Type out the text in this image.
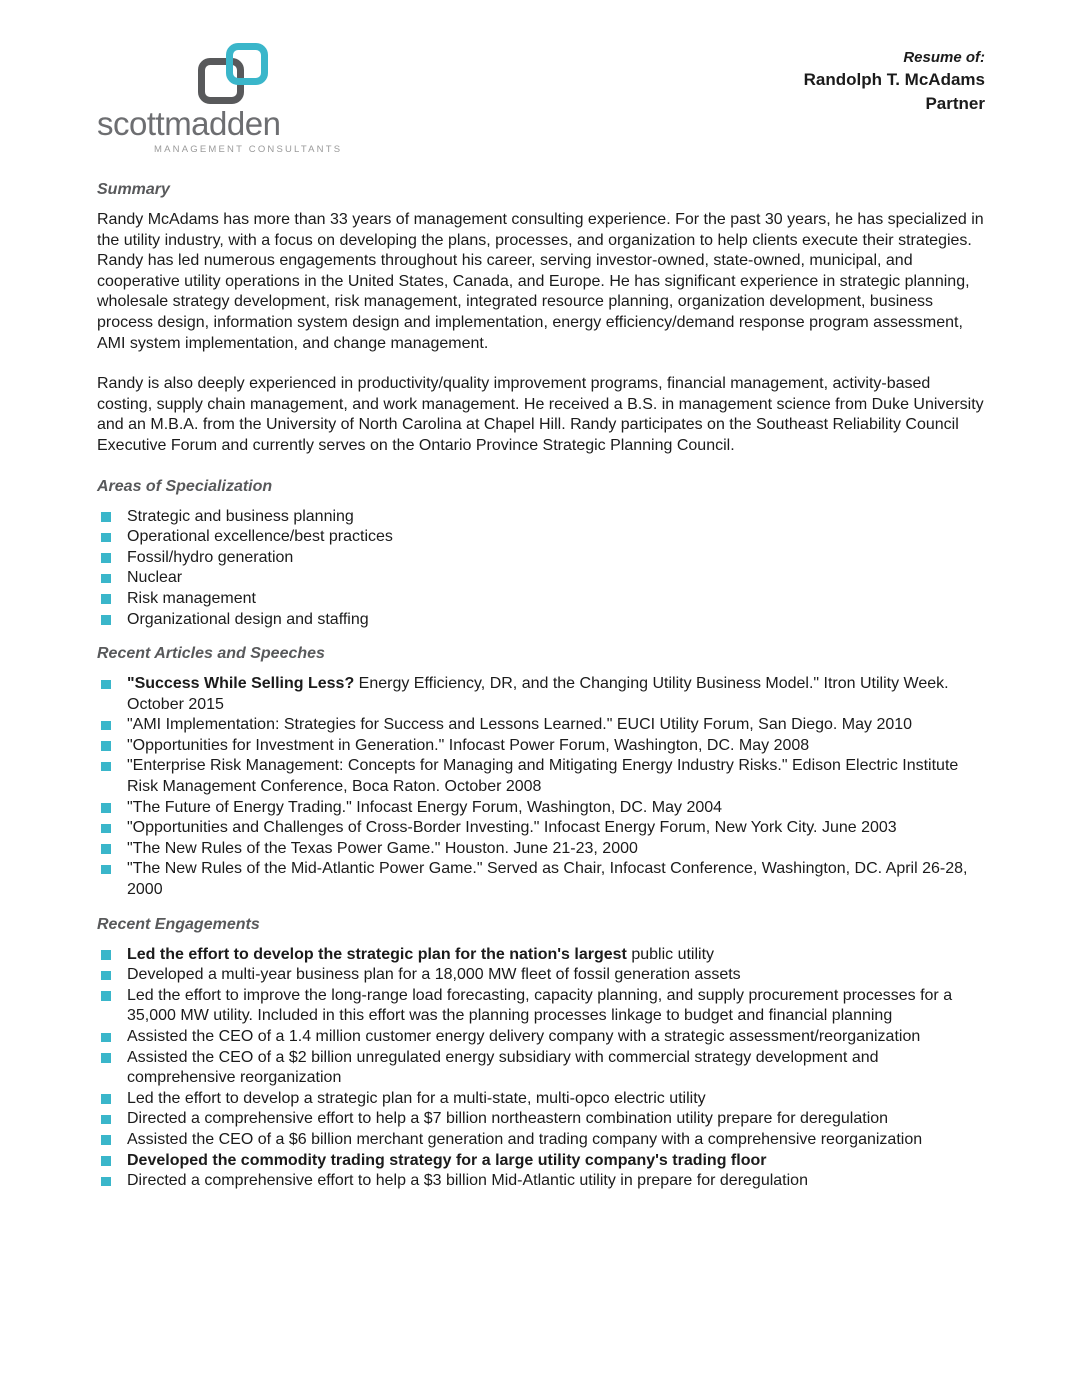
scottmadden
MANAGEMENT CONSULTANTS
Resume of:
Randolph T. McAdams
Partner
Summary

Randy McAdams has more than 33 years of management consulting experience. For the past 30 years, he has specialized in the utility industry, with a focus on developing the plans, processes, and organization to help clients execute their strategies. Randy has led numerous engagements throughout his career, serving investor-owned, state-owned, municipal, and cooperative utility operations in the United States, Canada, and Europe. He has significant experience in strategic planning, wholesale strategy development, risk management, integrated resource planning, organization development, business process design, information system design and implementation, energy efficiency/demand response program assessment, AMI system implementation, and change management.

Randy is also deeply experienced in productivity/quality improvement programs, financial management, activity-based costing, supply chain management, and work management. He received a B.S. in management science from Duke University and an M.B.A. from the University of North Carolina at Chapel Hill. Randy participates on the Southeast Reliability Council Executive Forum and currently serves on the Ontario Province Strategic Planning Council.

Areas of Specialization
Strategic and business planning
Operational excellence/best practices
Fossil/hydro generation
Nuclear
Risk management
Organizational design and staffing
Recent Articles and Speeches
"Success While Selling Less? Energy Efficiency, DR, and the Changing Utility Business Model." Itron Utility Week. October 2015
"AMI Implementation: Strategies for Success and Lessons Learned." EUCI Utility Forum, San Diego. May 2010
"Opportunities for Investment in Generation." Infocast Power Forum, Washington, DC. May 2008
"Enterprise Risk Management: Concepts for Managing and Mitigating Energy Industry Risks." Edison Electric Institute Risk Management Conference, Boca Raton. October 2008
"The Future of Energy Trading." Infocast Energy Forum, Washington, DC. May 2004
"Opportunities and Challenges of Cross-Border Investing." Infocast Energy Forum, New York City. June 2003
"The New Rules of the Texas Power Game." Houston. June 21-23, 2000
"The New Rules of the Mid-Atlantic Power Game." Served as Chair, Infocast Conference, Washington, DC. April 26-28, 2000
Recent Engagements
Led the effort to develop the strategic plan for the nation's largest public utility
Developed a multi-year business plan for a 18,000 MW fleet of fossil generation assets
Led the effort to improve the long-range load forecasting, capacity planning, and supply procurement processes for a 35,000 MW utility. Included in this effort was the planning processes linkage to budget and financial planning
Assisted the CEO of a 1.4 million customer energy delivery company with a strategic assessment/reorganization
Assisted the CEO of a $2 billion unregulated energy subsidiary with commercial strategy development and comprehensive reorganization
Led the effort to develop a strategic plan for a multi-state, multi-opco electric utility
Directed a comprehensive effort to help a $7 billion northeastern combination utility prepare for deregulation
Assisted the CEO of a $6 billion merchant generation and trading company with a comprehensive reorganization
Developed the commodity trading strategy for a large utility company's trading floor
Directed a comprehensive effort to help a $3 billion Mid-Atlantic utility in prepare for deregulation
